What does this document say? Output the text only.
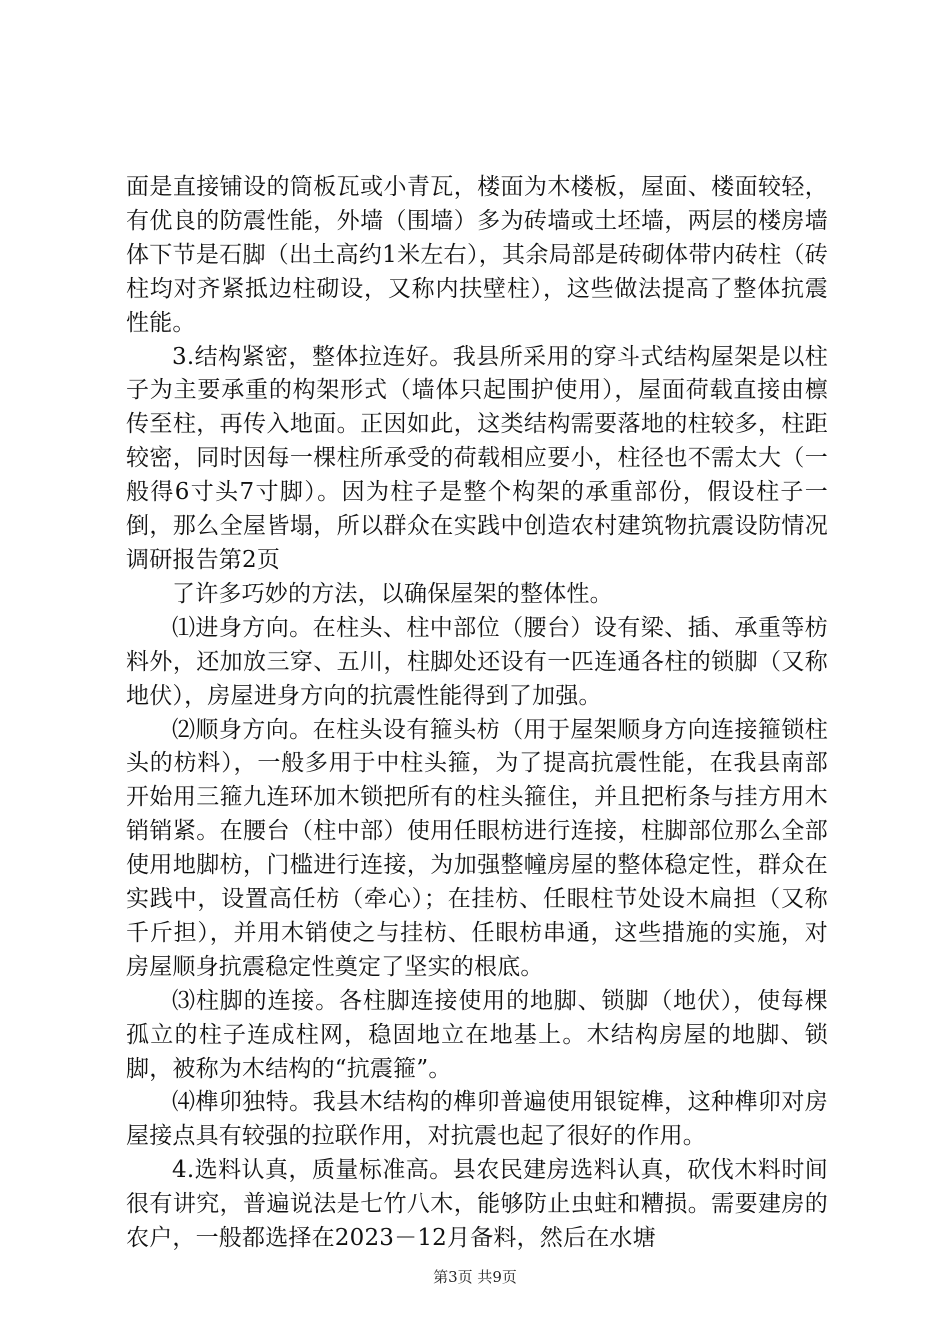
面是直接铺设的筒板瓦或小青瓦，楼面为木楼板，屋面、楼面较轻，有优良的防震性能，外墙（围墙）多为砖墙或土坯墙，两层的楼房墙体下节是石脚（出土高约1米左右），其余局部是砖砌体带内砖柱（砖柱均对齐紧抵边柱砌设，又称内扶壁柱），这些做法提高了整体抗震性能。

3.结构紧密，整体拉连好。我县所采用的穿斗式结构屋架是以柱子为主要承重的构架形式（墙体只起围护使用），屋面荷载直接由檩传至柱，再传入地面。正因如此，这类结构需要落地的柱较多，柱距较密，同时因每一棵柱所承受的荷载相应要小，柱径也不需太大（一般得6寸头7寸脚）。因为柱子是整个构架的承重部份，假设柱子一倒，那么全屋皆塌，所以群众在实践中创造农村建筑物抗震设防情况调研报告第2页

了许多巧妙的方法，以确保屋架的整体性。

⑴进身方向。在柱头、柱中部位（腰台）设有梁、插、承重等枋料外，还加放三穿、五川，柱脚处还设有一匹连通各柱的锁脚（又称地伏），房屋进身方向的抗震性能得到了加强。

⑵顺身方向。在柱头设有箍头枋（用于屋架顺身方向连接箍锁柱头的枋料），一般多用于中柱头箍，为了提高抗震性能，在我县南部开始用三箍九连环加木锁把所有的柱头箍住，并且把桁条与挂方用木销销紧。在腰台（柱中部）使用任眼枋进行连接，柱脚部位那么全部使用地脚枋，门槛进行连接，为加强整幢房屋的整体稳定性，群众在实践中，设置高任枋（牵心）；在挂枋、任眼柱节处设木扁担（又称千斤担），并用木销使之与挂枋、任眼枋串通，这些措施的实施，对房屋顺身抗震稳定性奠定了坚实的根底。

⑶柱脚的连接。各柱脚连接使用的地脚、锁脚（地伏），使每棵孤立的柱子连成柱网，稳固地立在地基上。木结构房屋的地脚、锁脚，被称为木结构的“抗震箍”。

⑷榫卯独特。我县木结构的榫卯普遍使用银锭榫，这种榫卯对房屋接点具有较强的拉联作用，对抗震也起了很好的作用。

4.选料认真，质量标准高。县农民建房选料认真，砍伐木料时间很有讲究，普遍说法是七竹八木，能够防止虫蛀和糟损。需要建房的农户，一般都选择在2023－12月备料，然后在水塘

第3页 共9页
